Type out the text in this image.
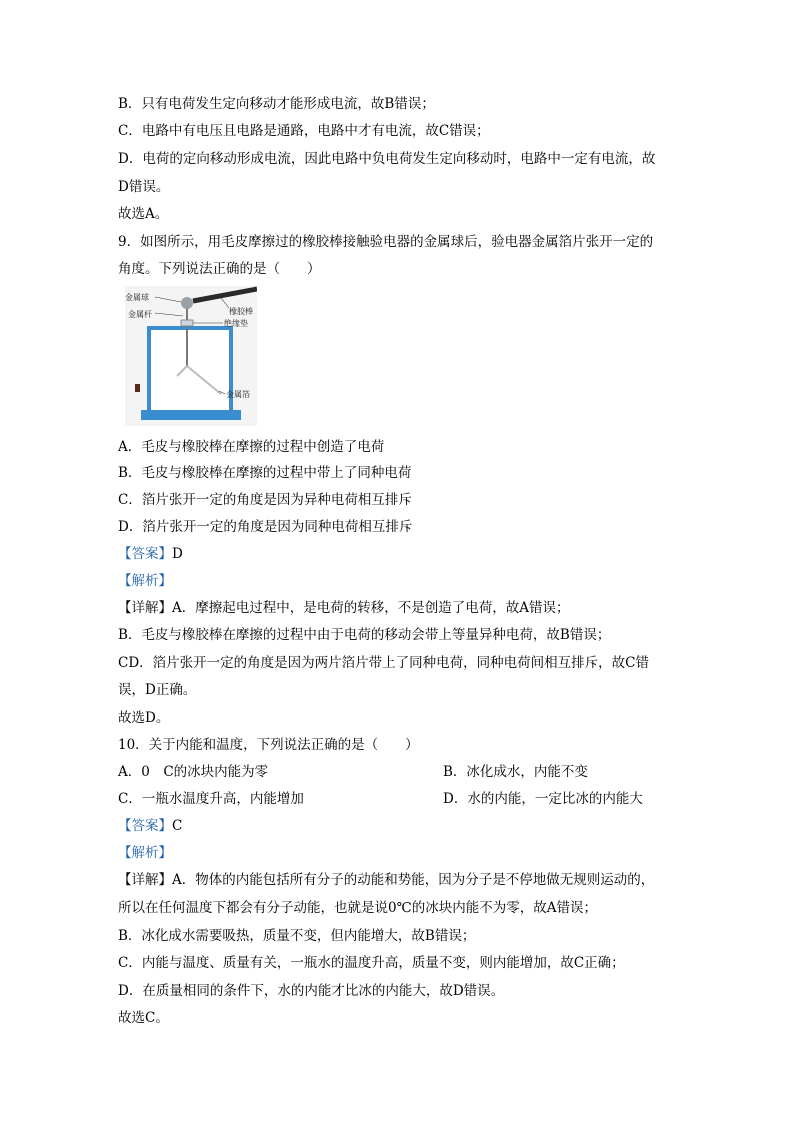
B．只有电荷发生定向移动才能形成电流，故B错误；
C．电路中有电压且电路是通路，电路中才有电流，故C错误；
D．电荷的定向移动形成电流，因此电路中负电荷发生定向移动时，电路中一定有电流，故
D错误。
故选A。
9．如图所示，用毛皮摩擦过的橡胶棒接触验电器的金属球后，验电器金属箔片张开一定的
角度。下列说法正确的是（　　）
金属球
金属杆	橡胶棒
绝缘垫
金属箔
A．毛皮与橡胶棒在摩擦的过程中创造了电荷
B．毛皮与橡胶棒在摩擦的过程中带上了同种电荷
C．箔片张开一定的角度是因为异种电荷相互排斥
D．箔片张开一定的角度是因为同种电荷相互排斥
【答案】D
【解析】
【详解】A．摩擦起电过程中，是电荷的转移，不是创造了电荷，故A错误；
B．毛皮与橡胶棒在摩擦的过程中由于电荷的移动会带上等量异种电荷，故B错误；
CD．箔片张开一定的角度是因为两片箔片带上了同种电荷，同种电荷间相互排斥，故C错
误，D正确。
故选D。
10．关于内能和温度，下列说法正确的是（　　）
A．0　C的冰块内能为零	B．冰化成水，内能不变
C．一瓶水温度升高，内能增加	D．水的内能，一定比冰的内能大
【答案】C
【解析】
【详解】A．物体的内能包括所有分子的动能和势能，因为分子是不停地做无规则运动的，
所以在任何温度下都会有分子动能，也就是说0℃的冰块内能不为零，故A错误；
B．冰化成水需要吸热，质量不变，但内能增大，故B错误；
C．内能与温度、质量有关，一瓶水的温度升高，质量不变，则内能增加，故C正确；
D．在质量相同的条件下，水的内能才比冰的内能大，故D错误。
故选C。
